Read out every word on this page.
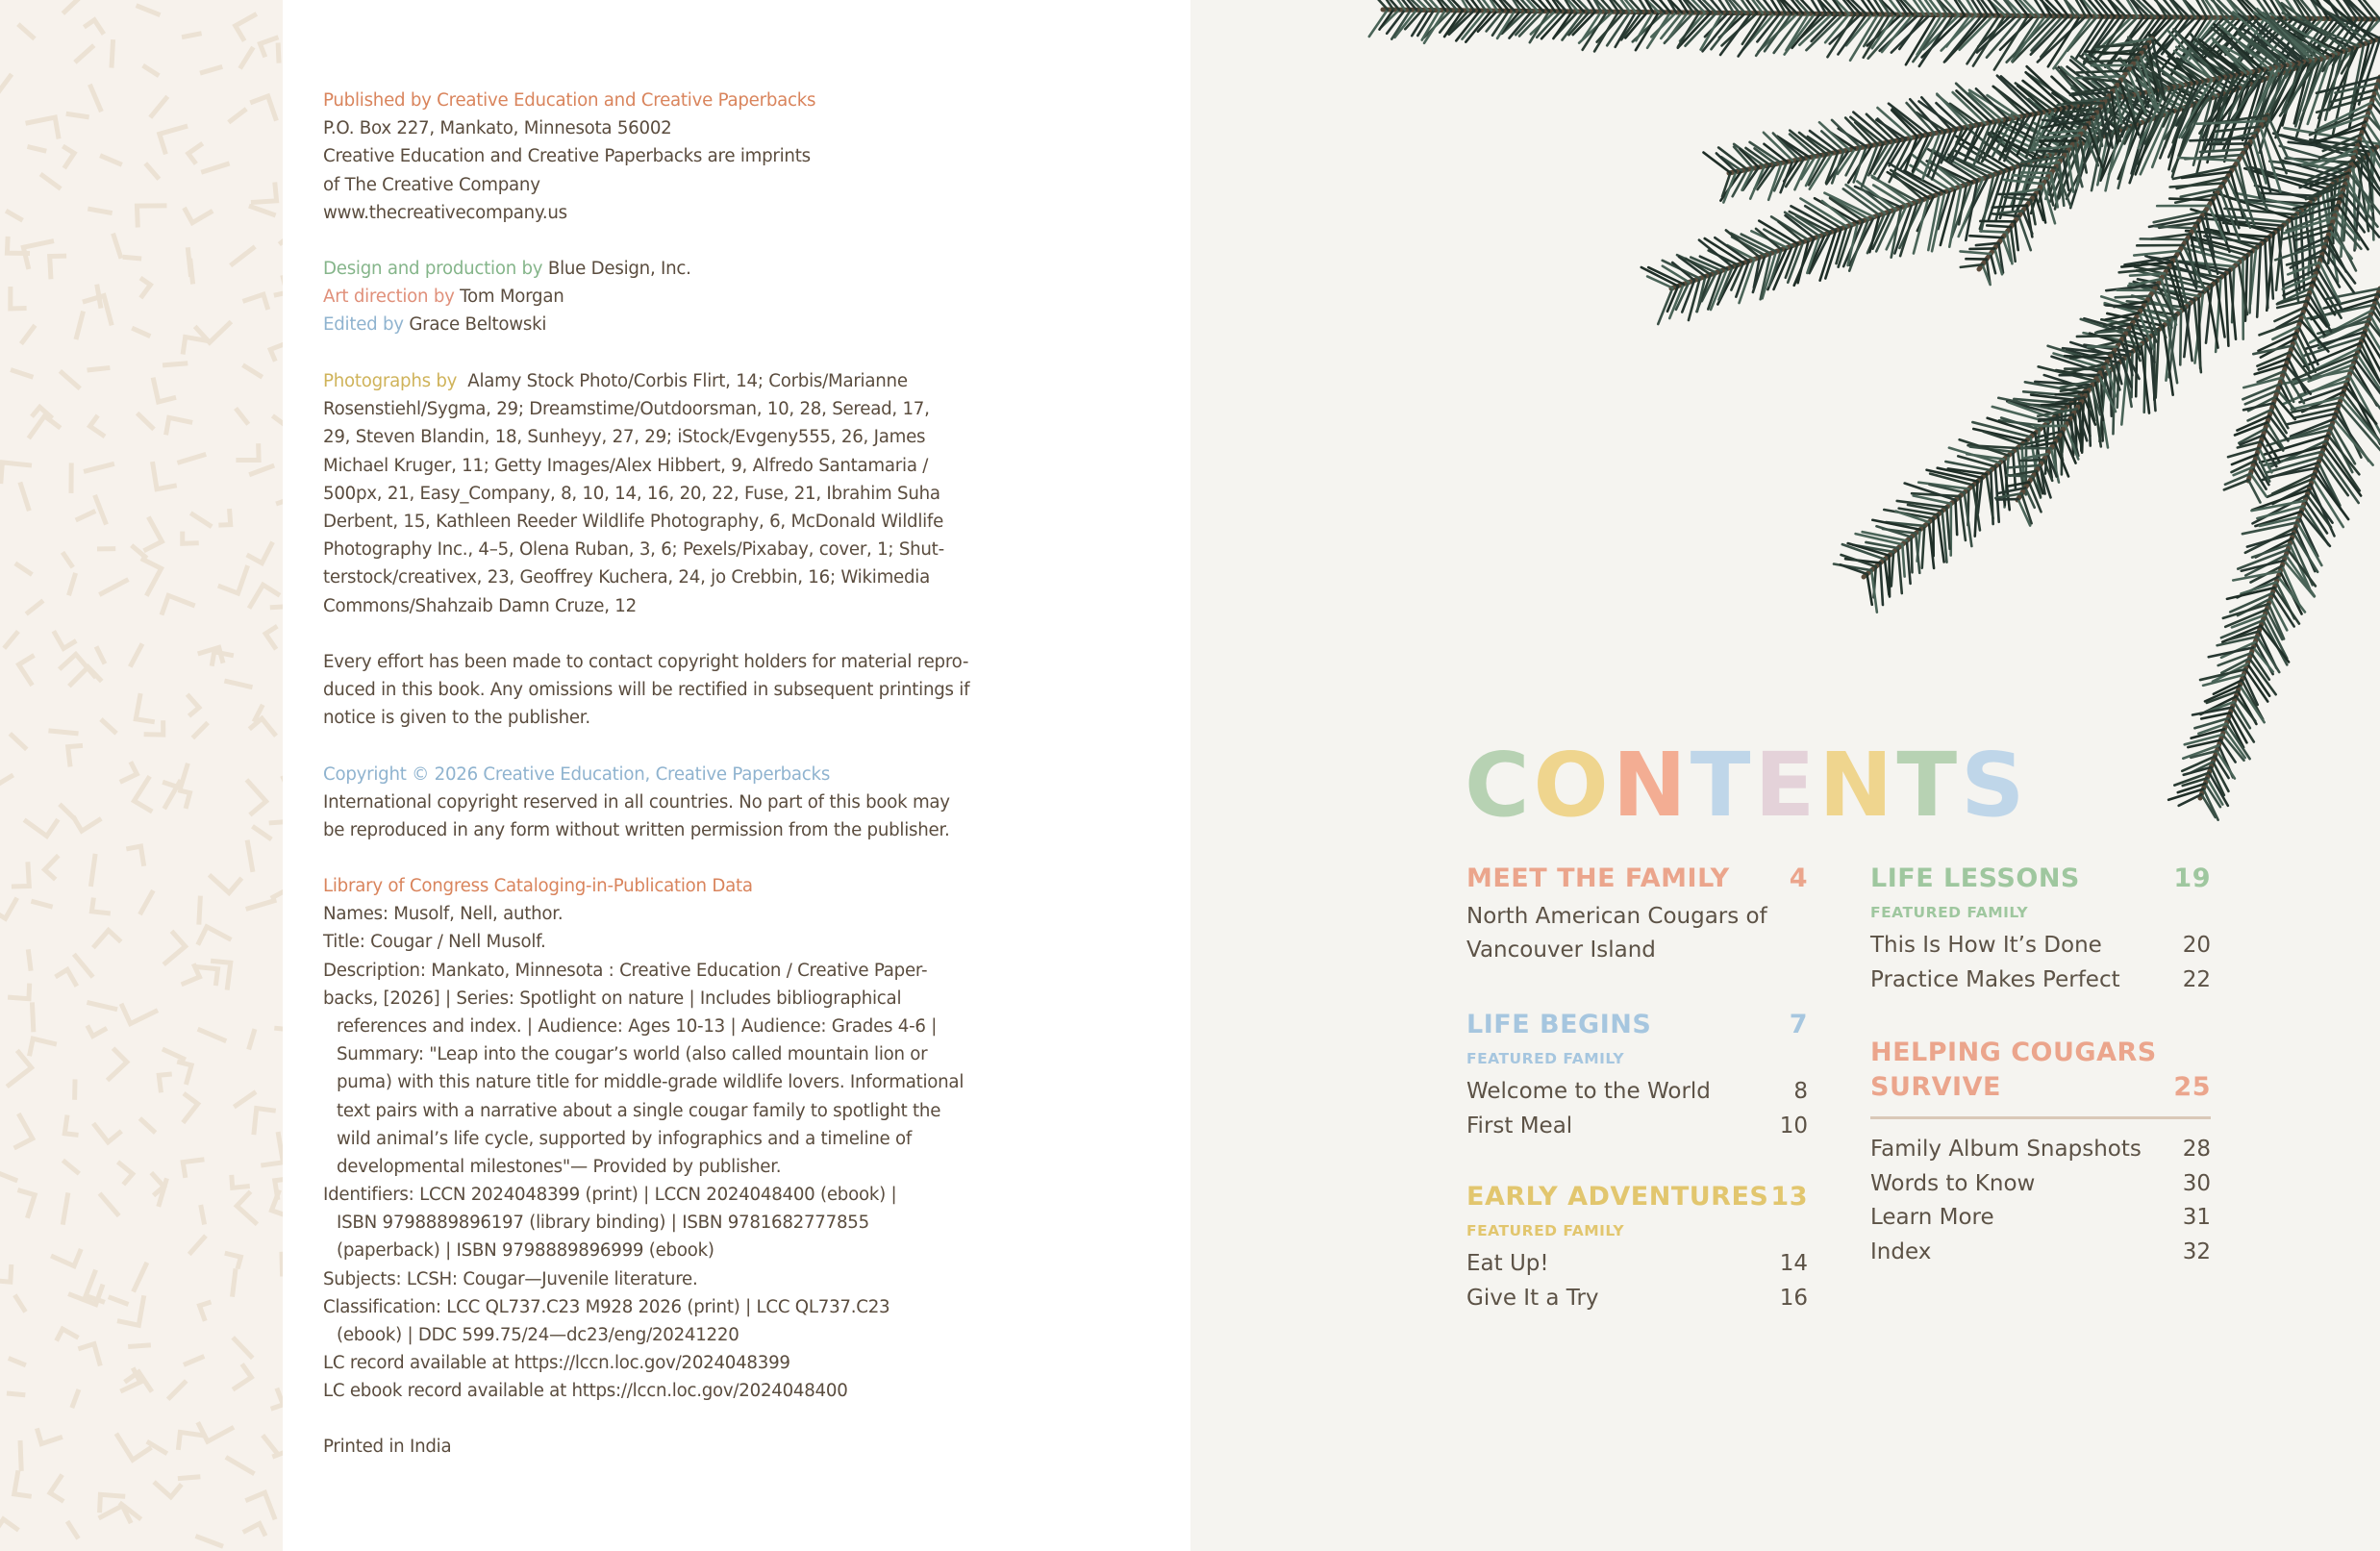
Published by Creative Education and Creative Paperbacks
P.O. Box 227, Mankato, Minnesota 56002
Creative Education and Creative Paperbacks are imprints
of The Creative Company
www.thecreativecompany.us
Design and production by Blue Design, Inc.
Art direction by Tom Morgan
Edited by Grace Beltowski
Photographs by Alamy Stock Photo/Corbis Flirt, 14; Corbis/Marianne
Rosenstiehl/Sygma, 29; Dreamstime/Outdoorsman, 10, 28, Seread, 17,
29, Steven Blandin, 18, Sunheyy, 27, 29; iStock/Evgeny555, 26, James
Michael Kruger, 11; Getty Images/Alex Hibbert, 9, Alfredo Santamaria /
500px, 21, Easy_Company, 8, 10, 14, 16, 20, 22, Fuse, 21, Ibrahim Suha
Derbent, 15, Kathleen Reeder Wildlife Photography, 6, McDonald Wildlife
Photography Inc., 4–5, Olena Ruban, 3, 6; Pexels/Pixabay, cover, 1; Shut-
terstock/creativex, 23, Geoffrey Kuchera, 24, jo Crebbin, 16; Wikimedia
Commons/Shahzaib Damn Cruze, 12
Every effort has been made to contact copyright holders for material repro-
duced in this book. Any omissions will be rectified in subsequent printings if
notice is given to the publisher.
Copyright © 2026 Creative Education, Creative Paperbacks
International copyright reserved in all countries. No part of this book may
be reproduced in any form without written permission from the publisher.
Library of Congress Cataloging-in-Publication Data
Names: Musolf, Nell, author.
Title: Cougar / Nell Musolf.
Description: Mankato, Minnesota : Creative Education / Creative Paper-
backs, [2026] | Series: Spotlight on nature | Includes bibliographical
references and index. | Audience: Ages 10-13 | Audience: Grades 4-6 |
Summary: "Leap into the cougar’s world (also called mountain lion or
puma) with this nature title for middle-grade wildlife lovers. Informational
text pairs with a narrative about a single cougar family to spotlight the
wild animal’s life cycle, supported by infographics and a timeline of
developmental milestones"— Provided by publisher.
Identifiers: LCCN 2024048399 (print) | LCCN 2024048400 (ebook) |
ISBN 9798889896197 (library binding) | ISBN 9781682777855
(paperback) | ISBN 9798889896999 (ebook)
Subjects: LCSH: Cougar—Juvenile literature.
Classification: LCC QL737.C23 M928 2026 (print) | LCC QL737.C23
(ebook) | DDC 599.75/24—dc23/eng/20241220
LC record available at https://lccn.loc.gov/2024048399
LC ebook record available at https://lccn.loc.gov/2024048400
Printed in India
CONTENTS
MEET THE FAMILY 4
North American Cougars of
Vancouver Island
LIFE BEGINS	7
FEATURED FAMILY
Welcome to the World	8
First Meal	10
EARLY ADVENTURES 13
FEATURED FAMILY
Eat Up!	14
Give It a Try	16
LIFE LESSONS	19
FEATURED FAMILY
This Is How It’s Done	20
Practice Makes Perfect	22
HELPING COUGARS
SURVIVE	25
Family Album Snapshots 28
Words to Know	30
Learn More	31
Index	32
